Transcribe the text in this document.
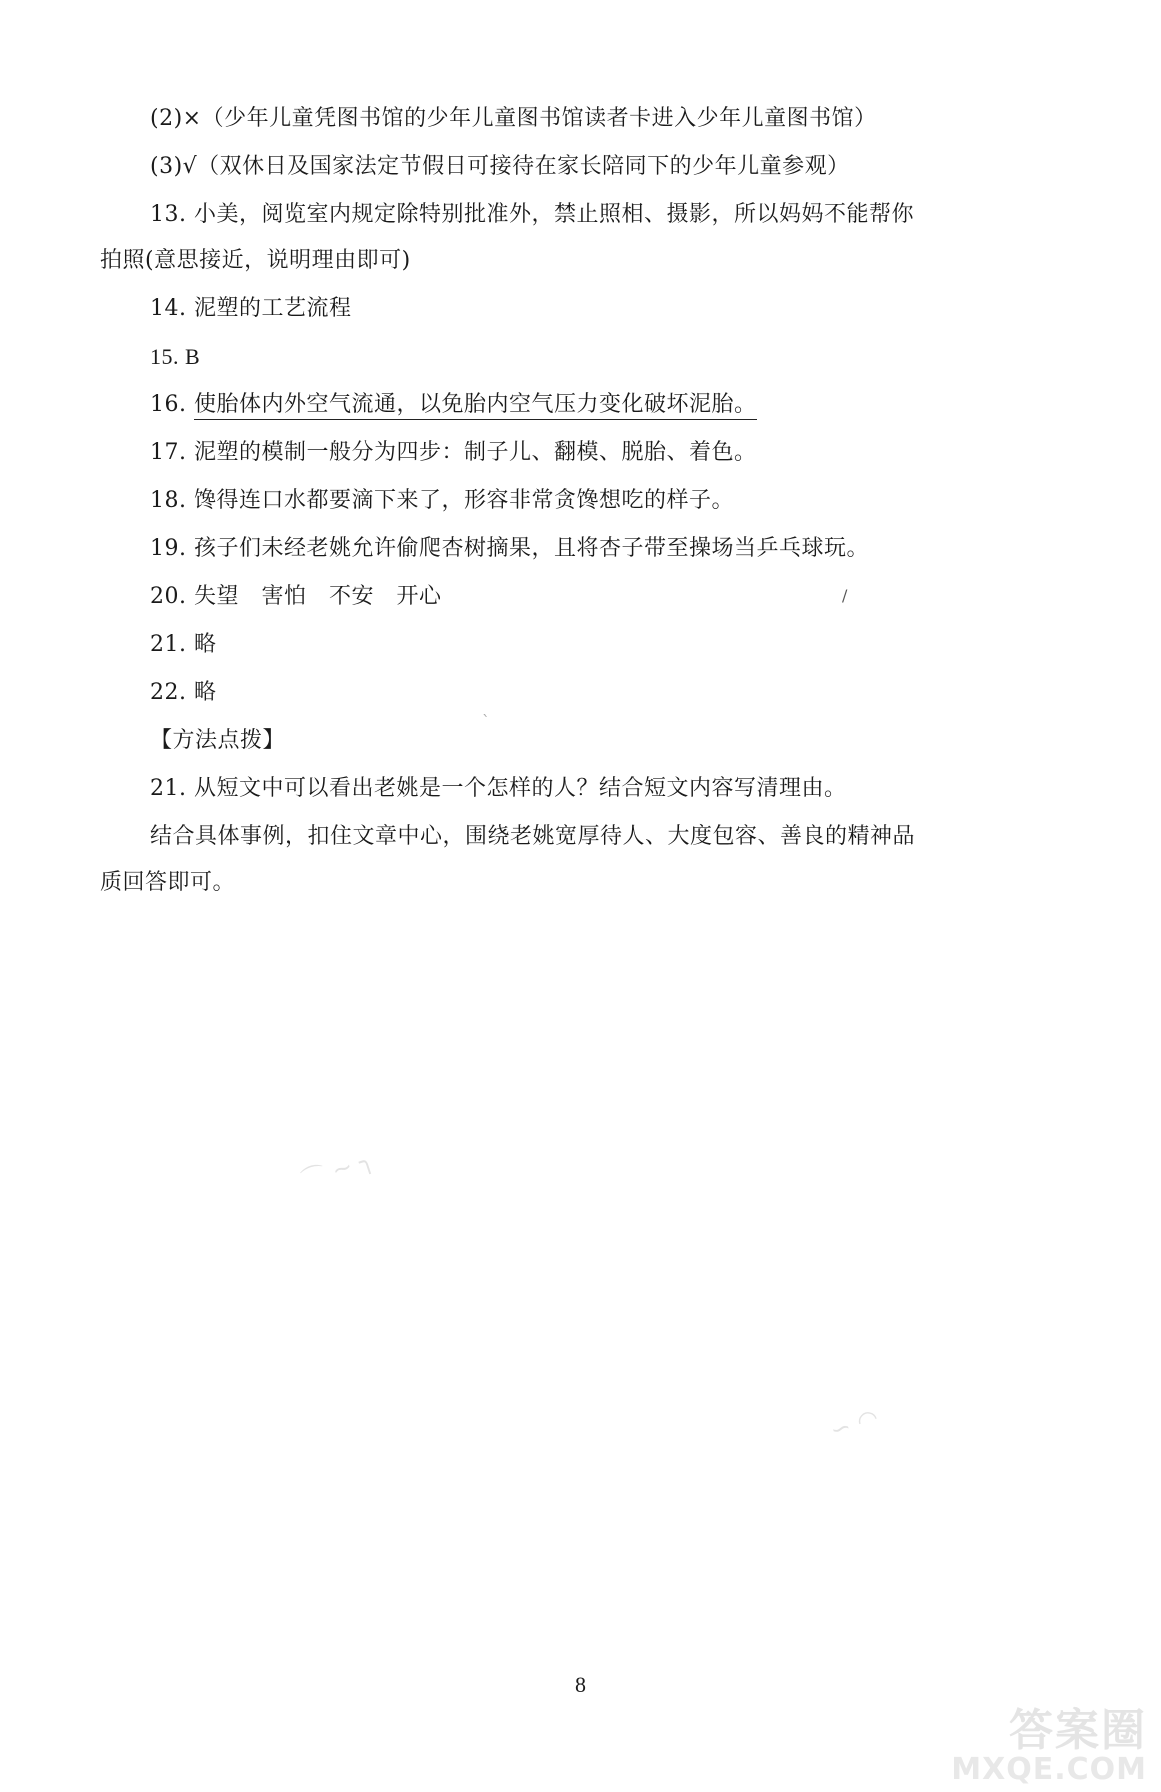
(2)×（少年儿童凭图书馆的少年儿童图书馆读者卡进入少年儿童图书馆）
(3)√（双休日及国家法定节假日可接待在家长陪同下的少年儿童参观）
13. 小美，阅览室内规定除特别批准外，禁止照相、摄影，所以妈妈不能帮你
拍照(意思接近，说明理由即可)
14. 泥塑的工艺流程
15. B
16. 使胎体内外空气流通，以免胎内空气压力变化破坏泥胎。
17. 泥塑的模制一般分为四步：制子儿、翻模、脱胎、着色。
18. 馋得连口水都要滴下来了，形容非常贪馋想吃的样子。
19. 孩子们未经老姚允许偷爬杏树摘果，且将杏子带至操场当乒乓球玩。
20. 失望　害怕　不安　开心
21. 略
22. 略
【方法点拨】
21. 从短文中可以看出老姚是一个怎样的人？结合短文内容写清理由。
结合具体事例，扣住文章中心，围绕老姚宽厚待人、大度包容、善良的精神品
质回答即可。
/
ˋ
⌒ ∼ ╮
∽ ◠
8
答案圈
MXQE.COM
